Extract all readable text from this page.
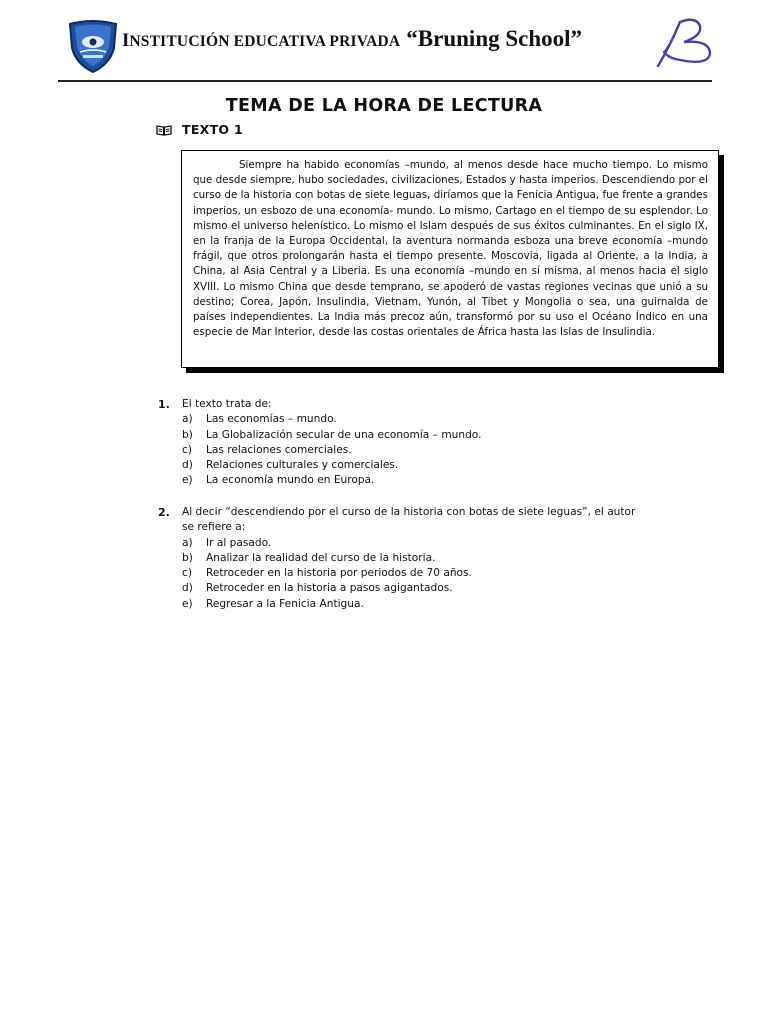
INSTITUCIÓN EDUCATIVA PRIVADA “Bruning School”
TEMA DE LA HORA DE LECTURA
TEXTO 1

Siempre ha habido economías –mundo, al menos desde hace mucho tiempo. Lo mismo que desde siempre, hubo sociedades, civilizaciones, Estados y hasta imperios. Descendiendo por el curso de la historia con botas de siete leguas, diríamos que la Fenicia Antigua, fue frente a grandes imperios, un esbozo de una economía- mundo. Lo mismo, Cartago en el tiempo de su esplendor. Lo mismo el universo helenístico. Lo mismo el Islam después de sus éxitos culminantes. En el siglo IX, en la franja de la Europa Occidental, la aventura normanda esboza una breve economía –mundo frágil, que otros prolongarán hasta el tiempo presente. Moscovia, ligada al Oriente, a la India, a China, al Asia Central y a Liberia. Es una economía –mundo en sí misma, al menos hacia el siglo XVIII. Lo mismo China que desde temprano, se apoderó de vastas regiones vecinas que unió a su destino; Corea, Japón, Insulindia, Vietnam, Yunón, al Tibet y Mongolia o sea, una guirnalda de países independientes. La India más precoz aún, transformó por su uso el Océano Índico en una especie de Mar Interior, desde las costas orientales de África hasta las Islas de Insulindia.

1. El texto trata de:
a)	Las economías – mundo.
b)	La Globalización secular de una economía – mundo.
c)	Las relaciones comerciales.
d)	Relaciones culturales y comerciales.
e)	La economía mundo en Europa.
2. Al decir “descendiendo por el curso de la historia con botas de siete leguas”, el autor
se refiere a:
a)	Ir al pasado.
b)	Analizar la realidad del curso de la historia.
c)	Retroceder en la historia por periodos de 70 años.
d)	Retroceder en la historia a pasos agigantados.
e)	Regresar a la Fenicia Antigua.
